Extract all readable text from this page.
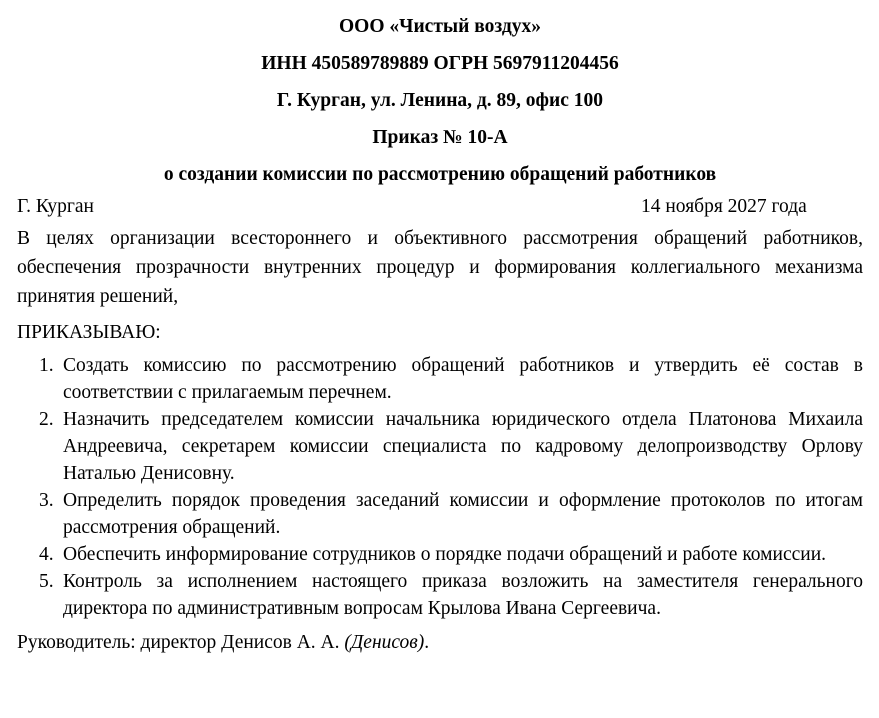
ООО «Чистый воздух»

ИНН 450589789889 ОГРН 5697911204456

Г. Курган, ул. Ленина, д. 89, офис 100

Приказ № 10-А

о создании комиссии по рассмотрению обращений работников

Г. Курган	14 ноября 2027 года

В целях организации всестороннего и объективного рассмотрения обращений работников, обеспечения прозрачности внутренних процедур и формирования коллегиального механизма принятия решений,

ПРИКАЗЫВАЮ:

1. Создать комиссию по рассмотрению обращений работников и утвердить её состав в соответствии с прилагаемым перечнем.
2. Назначить председателем комиссии начальника юридического отдела Платонова Михаила Андреевича, секретарем комиссии специалиста по кадровому делопроизводству Орлову Наталью Денисовну.
3. Определить порядок проведения заседаний комиссии и оформление протоколов по итогам рассмотрения обращений.
4. Обеспечить информирование сотрудников о порядке подачи обращений и работе комиссии.
5. Контроль за исполнением настоящего приказа возложить на заместителя генерального директора по административным вопросам Крылова Ивана Сергеевича.
Руководитель: директор Денисов А. А. (Денисов).
